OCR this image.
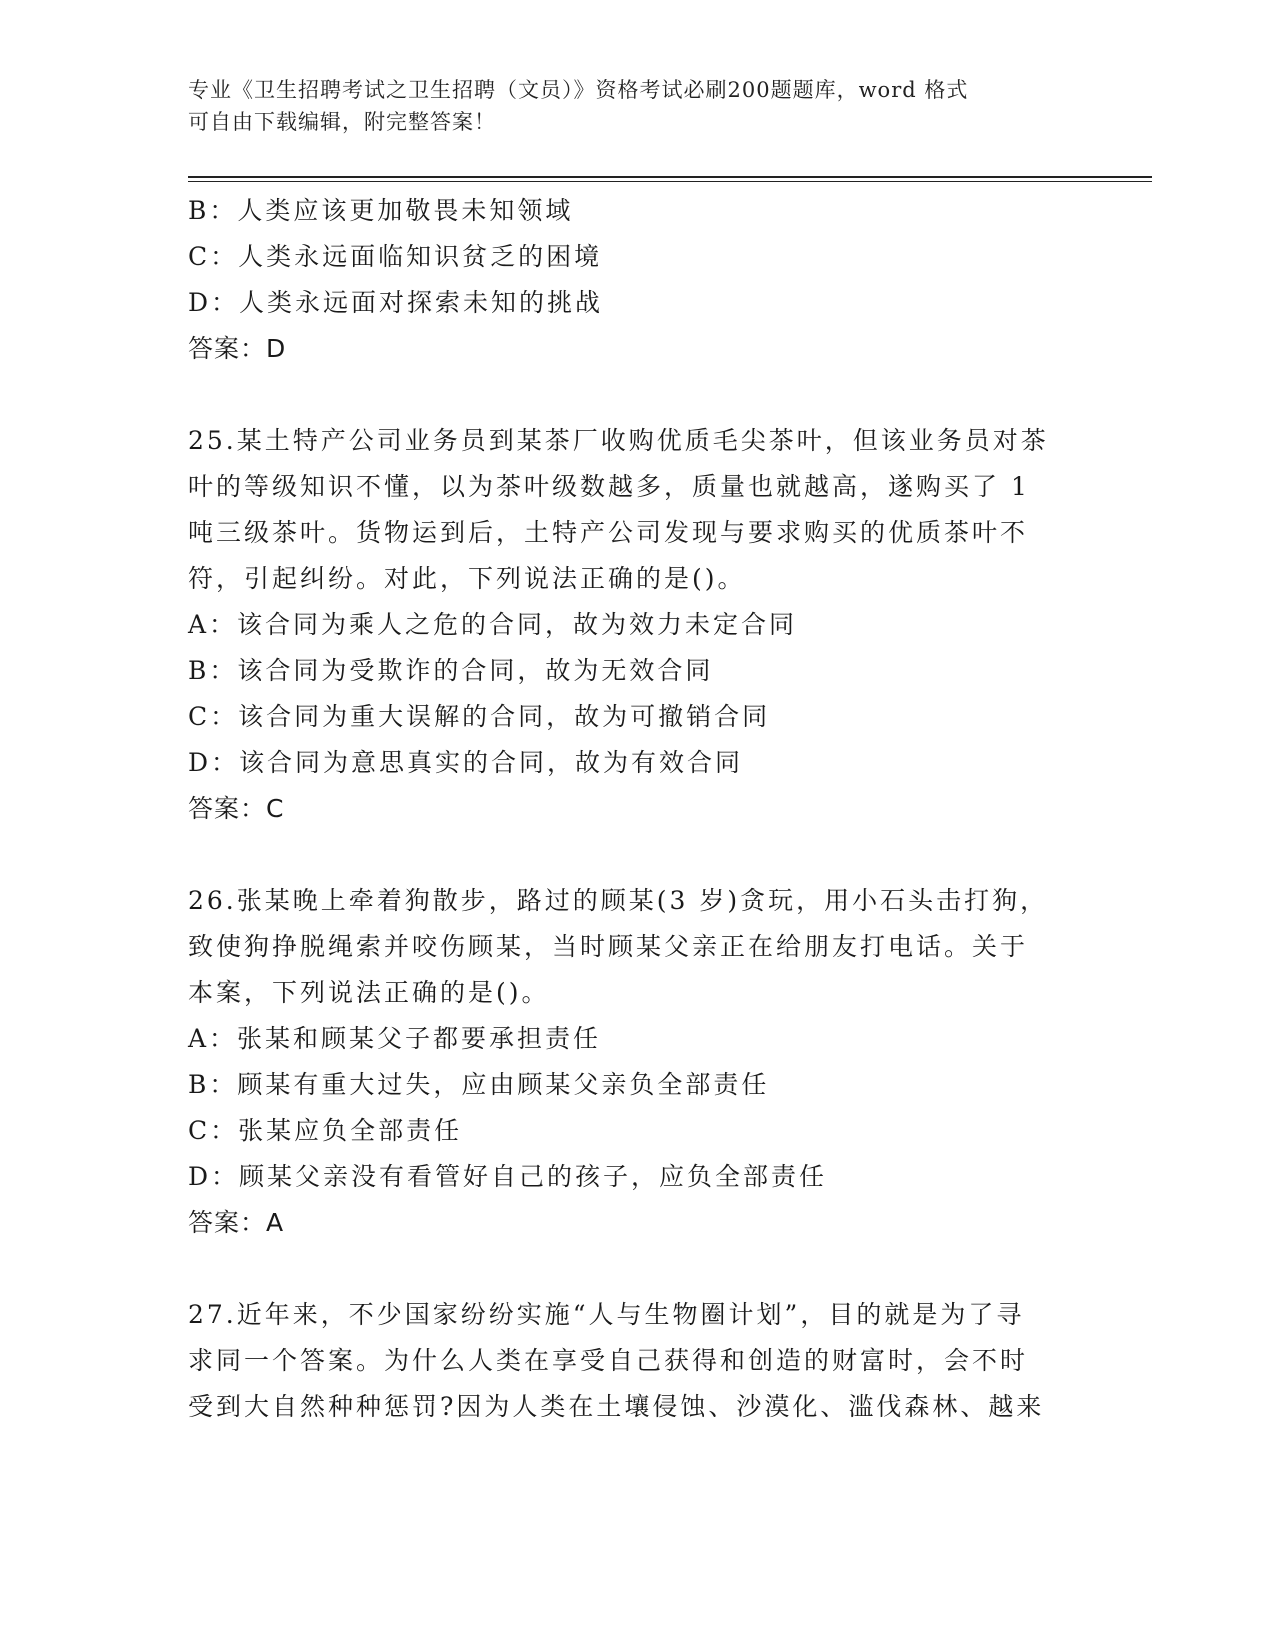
专业《卫生招聘考试之卫生招聘（文员）》资格考试必刷200题题库，word 格式
可自由下载编辑，附完整答案！

B：人类应该更加敬畏未知领域

C：人类永远面临知识贫乏的困境

D：人类永远面对探索未知的挑战

答案：D

25.某土特产公司业务员到某茶厂收购优质毛尖茶叶，但该业务员对茶

叶的等级知识不懂，以为茶叶级数越多，质量也就越高，遂购买了 1

吨三级茶叶。货物运到后，土特产公司发现与要求购买的优质茶叶不

符，引起纠纷。对此，下列说法正确的是()。

A：该合同为乘人之危的合同，故为效力未定合同

B：该合同为受欺诈的合同，故为无效合同

C：该合同为重大误解的合同，故为可撤销合同

D：该合同为意思真实的合同，故为有效合同

答案：C

26.张某晚上牵着狗散步，路过的顾某(3 岁)贪玩，用小石头击打狗，

致使狗挣脱绳索并咬伤顾某，当时顾某父亲正在给朋友打电话。关于

本案，下列说法正确的是()。

A：张某和顾某父子都要承担责任

B：顾某有重大过失，应由顾某父亲负全部责任

C：张某应负全部责任

D：顾某父亲没有看管好自己的孩子，应负全部责任

答案：A

27.近年来，不少国家纷纷实施“人与生物圈计划”，目的就是为了寻

求同一个答案。为什么人类在享受自己获得和创造的财富时，会不时

受到大自然种种惩罚?因为人类在土壤侵蚀、沙漠化、滥伐森林、越来
